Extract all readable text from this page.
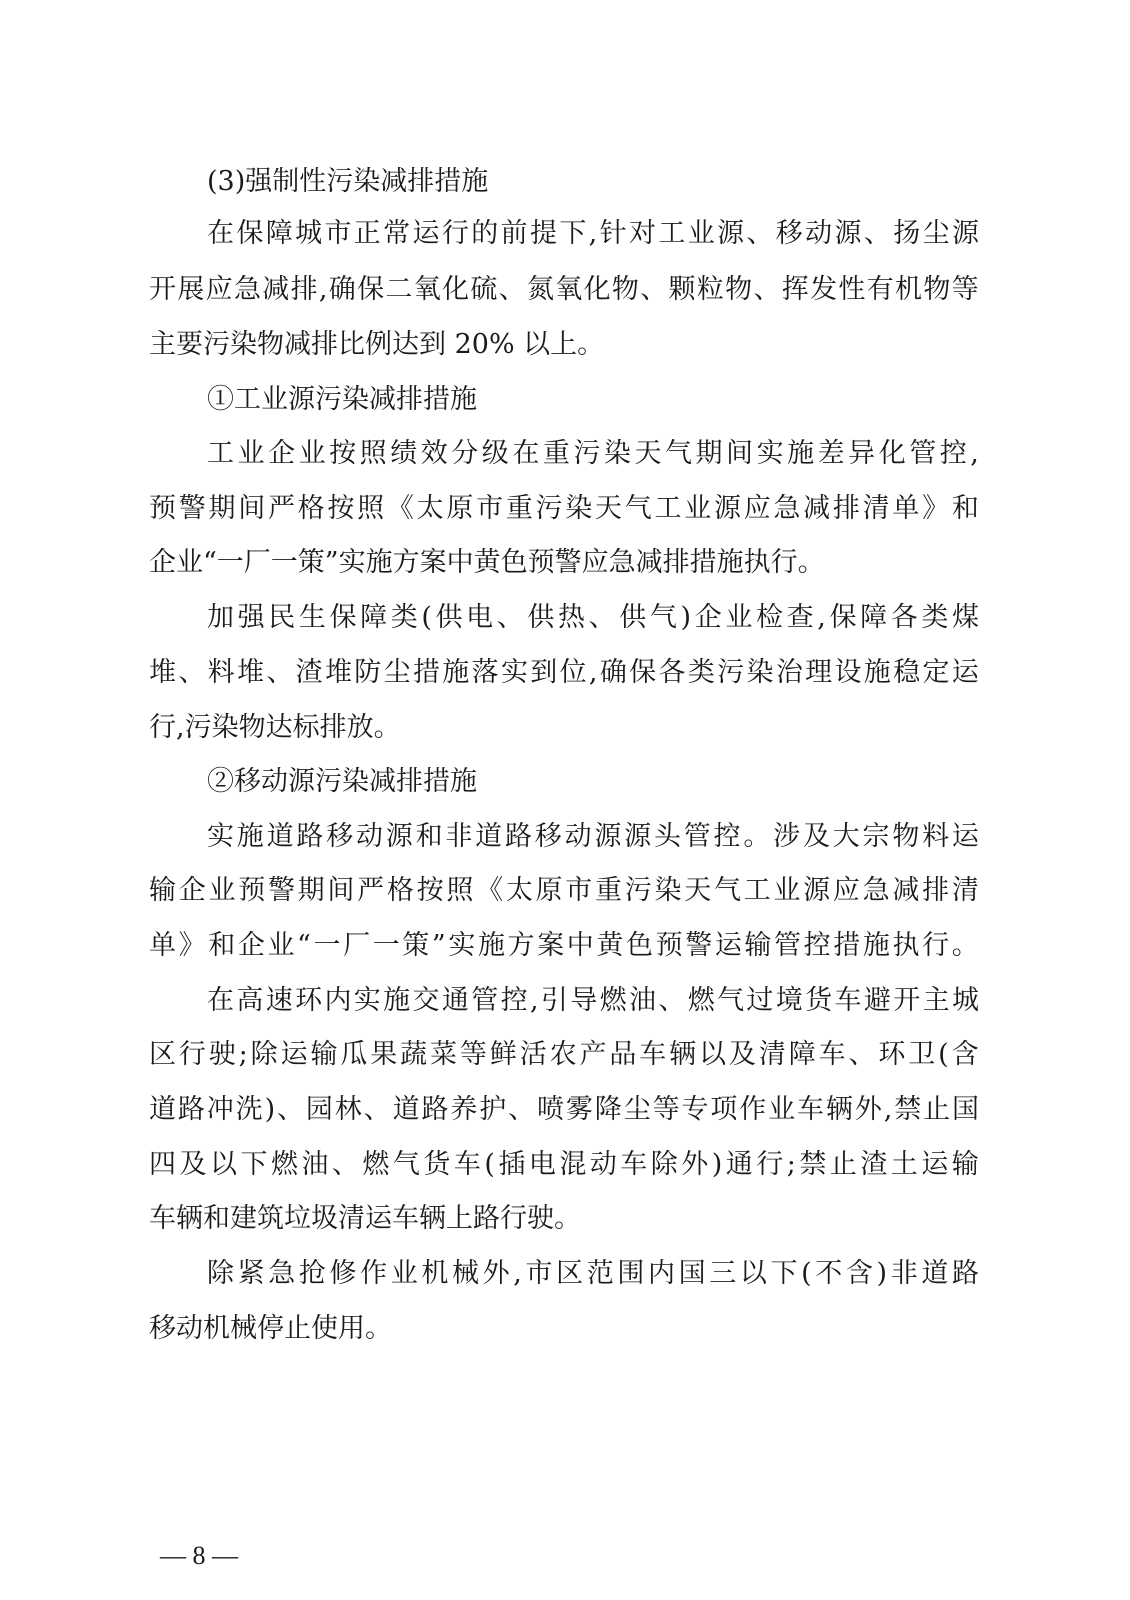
(3)强制性污染减排措施
在 保 障 城 市 正 常 运 行 的 前 提 下 , 针 对 工 业 源 、 移 动 源 、 扬 尘 源
开 展 应 急 减 排 , 确 保 二 氧 化 硫 、 氮 氧 化 物 、 颗 粒 物 、 挥 发 性 有 机 物 等
主要污染物减排比例达到 20% 以上。
①工业源污染减排措施
工 业 企 业 按 照 绩 效 分 级 在 重 污 染 天 气 期 间 实 施 差 异 化 管 控 ,
预 警 期 间 严 格 按 照 《 太 原 市 重 污 染 天 气 工 业 源 应 急 减 排 清 单 》 和
企业“一厂一策”实施方案中黄色预警应急减排措施执行。
加 强 民 生 保 障 类 ( 供 电 、 供 热 、 供 气 ) 企 业 检 查 , 保 障 各 类 煤
堆 、 料 堆 、 渣 堆 防 尘 措 施 落 实 到 位 , 确 保 各 类 污 染 治 理 设 施 稳 定 运
行,污染物达标排放。
②移动源污染减排措施
实 施 道 路 移 动 源 和 非 道 路 移 动 源 源 头 管 控 。 涉 及 大 宗 物 料 运
输 企 业 预 警 期 间 严 格 按 照 《 太 原 市 重 污 染 天 气 工 业 源 应 急 减 排 清
单 》 和 企 业 “ 一 厂 一 策 ” 实 施 方 案 中 黄 色 预 警 运 输 管 控 措 施 执 行 。
在 高 速 环 内 实 施 交 通 管 控 , 引 导 燃 油 、 燃 气 过 境 货 车 避 开 主 城
区 行 驶 ; 除 运 输 瓜 果 蔬 菜 等 鲜 活 农 产 品 车 辆 以 及 清 障 车 、 环 卫 ( 含
道 路 冲 洗 ) 、 园 林 、 道 路 养 护 、 喷 雾 降 尘 等 专 项 作 业 车 辆 外 , 禁 止 国
四 及 以 下 燃 油 、 燃 气 货 车 ( 插 电 混 动 车 除 外 ) 通 行 ; 禁 止 渣 土 运 输
车辆和建筑垃圾清运车辆上路行驶。
除 紧 急 抢 修 作 业 机 械 外 , 市 区 范 围 内 国 三 以 下 ( 不 含 ) 非 道 路
移动机械停止使用。
— 8 —
